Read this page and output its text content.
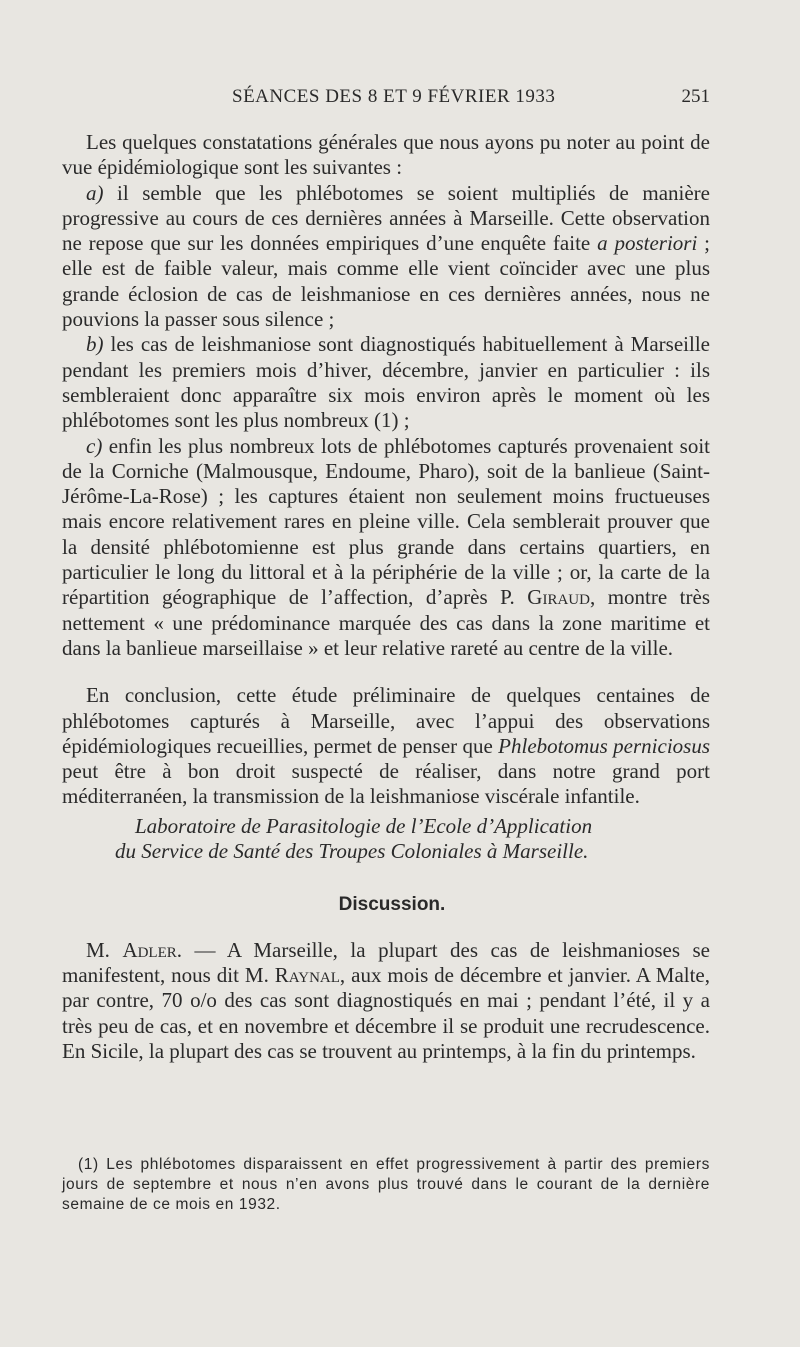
SÉANCES DES 8 ET 9 FÉVRIER 1933	251

Les quelques constatations générales que nous ayons pu noter au point de vue épidémiologique sont les suivantes :

a) il semble que les phlébotomes se soient multipliés de manière progressive au cours de ces dernières années à Marseille. Cette observation ne repose que sur les données empiriques d’une enquête faite a posteriori ; elle est de faible valeur, mais comme elle vient coïncider avec une plus grande éclosion de cas de leishmaniose en ces dernières années, nous ne pouvions la passer sous silence ;

b) les cas de leishmaniose sont diagnostiqués habituellement à Marseille pendant les premiers mois d’hiver, décembre, janvier en particulier : ils sembleraient donc apparaître six mois environ après le moment où les phlébotomes sont les plus nombreux (1) ;

c) enfin les plus nombreux lots de phlébotomes capturés provenaient soit de la Corniche (Malmousque, Endoume, Pharo), soit de la banlieue (Saint-Jérôme-La-Rose) ; les captures étaient non seulement moins fructueuses mais encore relativement rares en pleine ville. Cela semblerait prouver que la densité phlébotomienne est plus grande dans certains quartiers, en particulier le long du littoral et à la périphérie de la ville ; or, la carte de la répartition géographique de l’affection, d’après P. Giraud, montre très nettement « une prédominance marquée des cas dans la zone maritime et dans la banlieue marseillaise » et leur relative rareté au centre de la ville.

En conclusion, cette étude préliminaire de quelques centaines de phlébotomes capturés à Marseille, avec l’appui des observations épidémiologiques recueillies, permet de penser que Phlebotomus perniciosus peut être à bon droit suspecté de réaliser, dans notre grand port méditerranéen, la transmission de la leishmaniose viscérale infantile.

Laboratoire de Parasitologie de l’Ecole d’Application
du Service de Santé des Troupes Coloniales à Marseille.

Discussion.

M. Adler. — A Marseille, la plupart des cas de leishmanioses se manifestent, nous dit M. Raynal, aux mois de décembre et janvier. A Malte, par contre, 70 o/o des cas sont diagnostiqués en mai ; pendant l’été, il y a très peu de cas, et en novembre et décembre il se produit une recrudescence. En Sicile, la plupart des cas se trouvent au printemps, à la fin du printemps.

(1) Les phlébotomes disparaissent en effet progressivement à partir des premiers jours de septembre et nous n’en avons plus trouvé dans le courant de la dernière semaine de ce mois en 1932.
